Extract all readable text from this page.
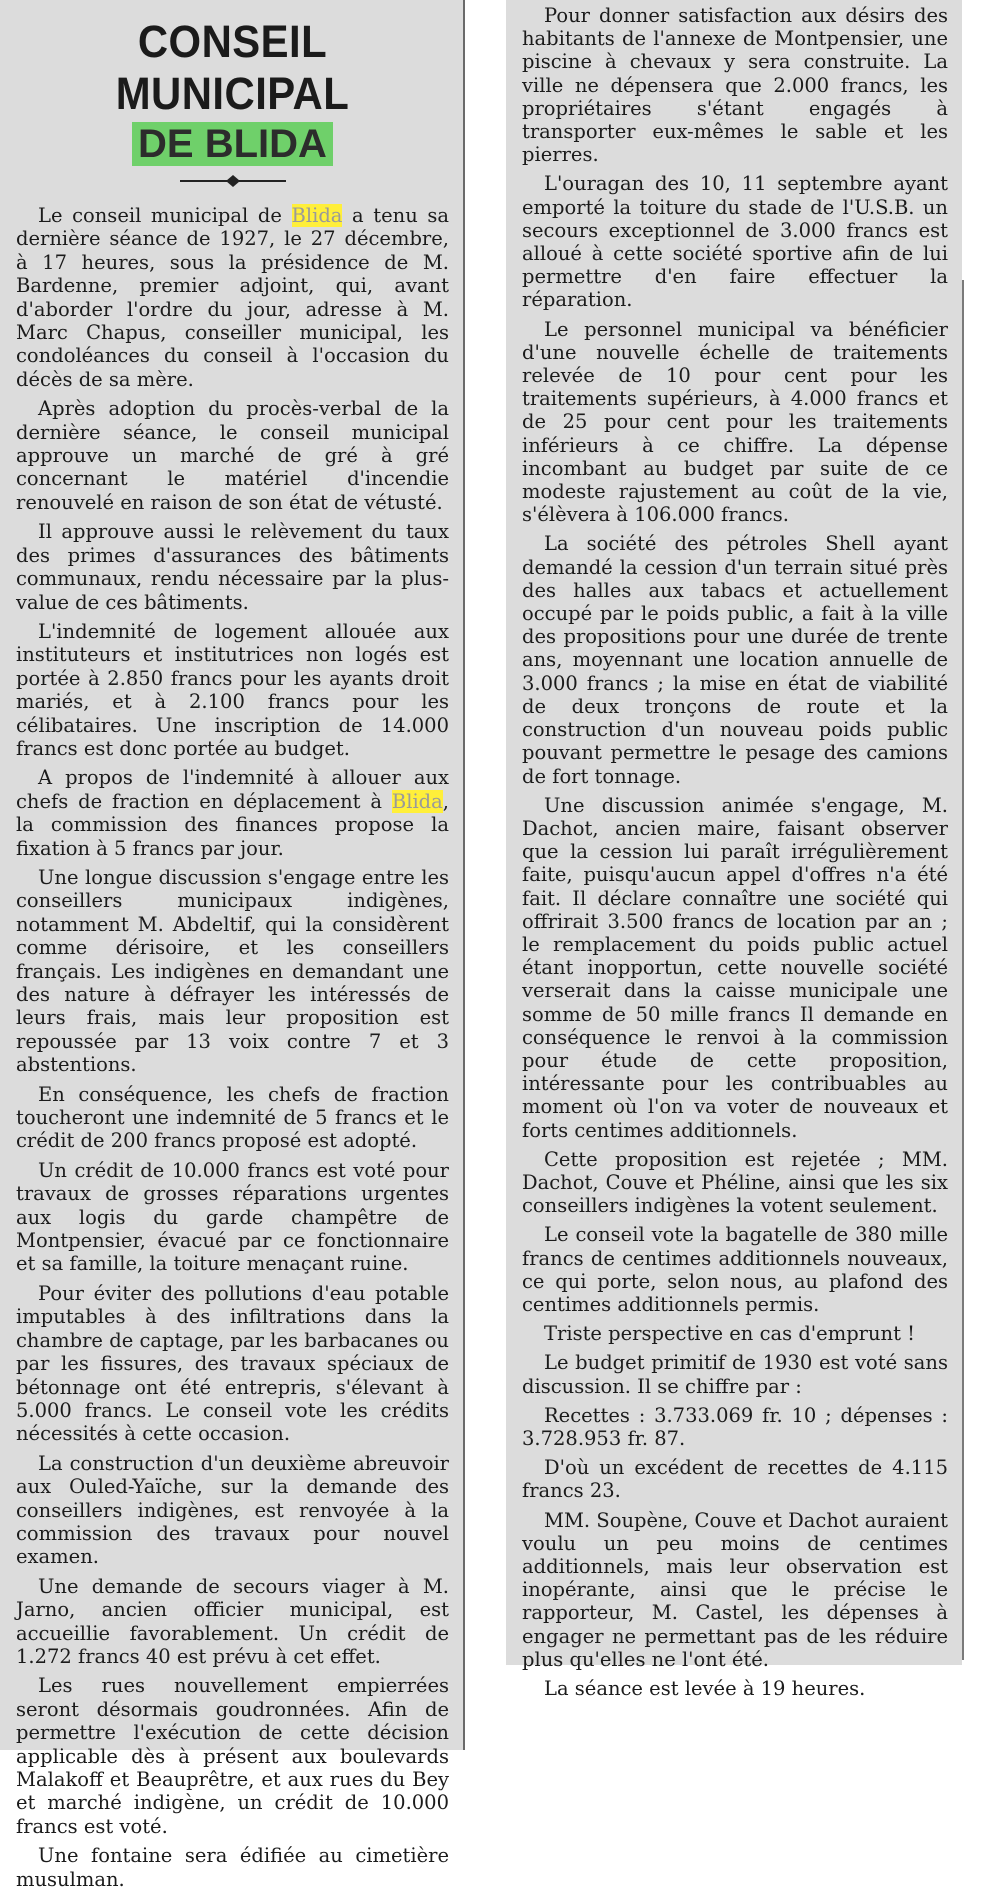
CONSEIL MUNICIPAL
DE BLIDA

Le conseil municipal de Blida a tenu sa dernière séance de 1927, le 27 décembre, à 17 heures, sous la présidence de M. Bardenne, premier adjoint, qui, avant d'aborder l'ordre du jour, adresse à M. Marc Chapus, conseiller municipal, les condoléances du conseil à l'occasion du décès de sa mère.

Après adoption du procès-verbal de la dernière séance, le conseil municipal approuve un marché de gré à gré concernant le matériel d'incendie renouvelé en raison de son état de vétusté.

Il approuve aussi le relèvement du taux des primes d'assurances des bâtiments communaux, rendu nécessaire par la plus-value de ces bâtiments.

L'indemnité de logement allouée aux instituteurs et institutrices non logés est portée à 2.850 francs pour les ayants droit mariés, et à 2.100 francs pour les célibataires. Une inscription de 14.000 francs est donc portée au budget.

A propos de l'indemnité à allouer aux chefs de fraction en déplacement à Blida, la commission des finances propose la fixation à 5 francs par jour.

Une longue discussion s'engage entre les conseillers municipaux indigènes, notamment M. Abdeltif, qui la considèrent comme dérisoire, et les conseillers français. Les indigènes en demandant une des nature à défrayer les intéressés de leurs frais, mais leur proposition est repoussée par 13 voix contre 7 et 3 abstentions.

En conséquence, les chefs de fraction toucheront une indemnité de 5 francs et le crédit de 200 francs proposé est adopté.

Un crédit de 10.000 francs est voté pour travaux de grosses réparations urgentes aux logis du garde champêtre de Montpensier, évacué par ce fonctionnaire et sa famille, la toiture menaçant ruine.

Pour éviter des pollutions d'eau potable imputables à des infiltrations dans la chambre de captage, par les barbacanes ou par les fissures, des travaux spéciaux de bétonnage ont été entrepris, s'élevant à 5.000 francs. Le conseil vote les crédits nécessités à cette occasion.

La construction d'un deuxième abreuvoir aux Ouled-Yaïche, sur la demande des conseillers indigènes, est renvoyée à la commission des travaux pour nouvel examen.

Une demande de secours viager à M. Jarno, ancien officier municipal, est accueillie favorablement. Un crédit de 1.272 francs 40 est prévu à cet effet.

Les rues nouvellement empierrées seront désormais goudronnées. Afin de permettre l'exécution de cette décision applicable dès à présent aux boulevards Malakoff et Beauprêtre, et aux rues du Bey et marché indigène, un crédit de 10.000 francs est voté.

Une fontaine sera édifiée au cimetière musulman.

Pour donner satisfaction aux désirs des habitants de l'annexe de Montpensier, une piscine à chevaux y sera construite. La ville ne dépensera que 2.000 francs, les propriétaires s'étant engagés à transporter eux-mêmes le sable et les pierres.

L'ouragan des 10, 11 septembre ayant emporté la toiture du stade de l'U.S.B. un secours exceptionnel de 3.000 francs est alloué à cette société sportive afin de lui permettre d'en faire effectuer la réparation.

Le personnel municipal va bénéficier d'une nouvelle échelle de traitements relevée de 10 pour cent pour les traitements supérieurs, à 4.000 francs et de 25 pour cent pour les traitements inférieurs à ce chiffre. La dépense incombant au budget par suite de ce modeste rajustement au coût de la vie, s'élèvera à 106.000 francs.

La société des pétroles Shell ayant demandé la cession d'un terrain situé près des halles aux tabacs et actuellement occupé par le poids public, a fait à la ville des propositions pour une durée de trente ans, moyennant une location annuelle de 3.000 francs ; la mise en état de viabilité de deux tronçons de route et la construction d'un nouveau poids public pouvant permettre le pesage des camions de fort tonnage.

Une discussion animée s'engage, M. Dachot, ancien maire, faisant observer que la cession lui paraît irrégulièrement faite, puisqu'aucun appel d'offres n'a été fait. Il déclare connaître une société qui offrirait 3.500 francs de location par an ; le remplacement du poids public actuel étant inopportun, cette nouvelle société verserait dans la caisse municipale une somme de 50 mille francs Il demande en conséquence le renvoi à la commission pour étude de cette proposition, intéressante pour les contribuables au moment où l'on va voter de nouveaux et forts centimes additionnels.

Cette proposition est rejetée ; MM. Dachot, Couve et Phéline, ainsi que les six conseillers indigènes la votent seulement.

Le conseil vote la bagatelle de 380 mille francs de centimes additionnels nouveaux, ce qui porte, selon nous, au plafond des centimes additionnels permis.

Triste perspective en cas d'emprunt !

Le budget primitif de 1930 est voté sans discussion. Il se chiffre par :

Recettes : 3.733.069 fr. 10 ; dépenses : 3.728.953 fr. 87.

D'où un excédent de recettes de 4.115 francs 23.

MM. Soupène, Couve et Dachot auraient voulu un peu moins de centimes additionnels, mais leur observation est inopérante, ainsi que le précise le rapporteur, M. Castel, les dépenses à engager ne permettant pas de les réduire plus qu'elles ne l'ont été.

La séance est levée à 19 heures.
